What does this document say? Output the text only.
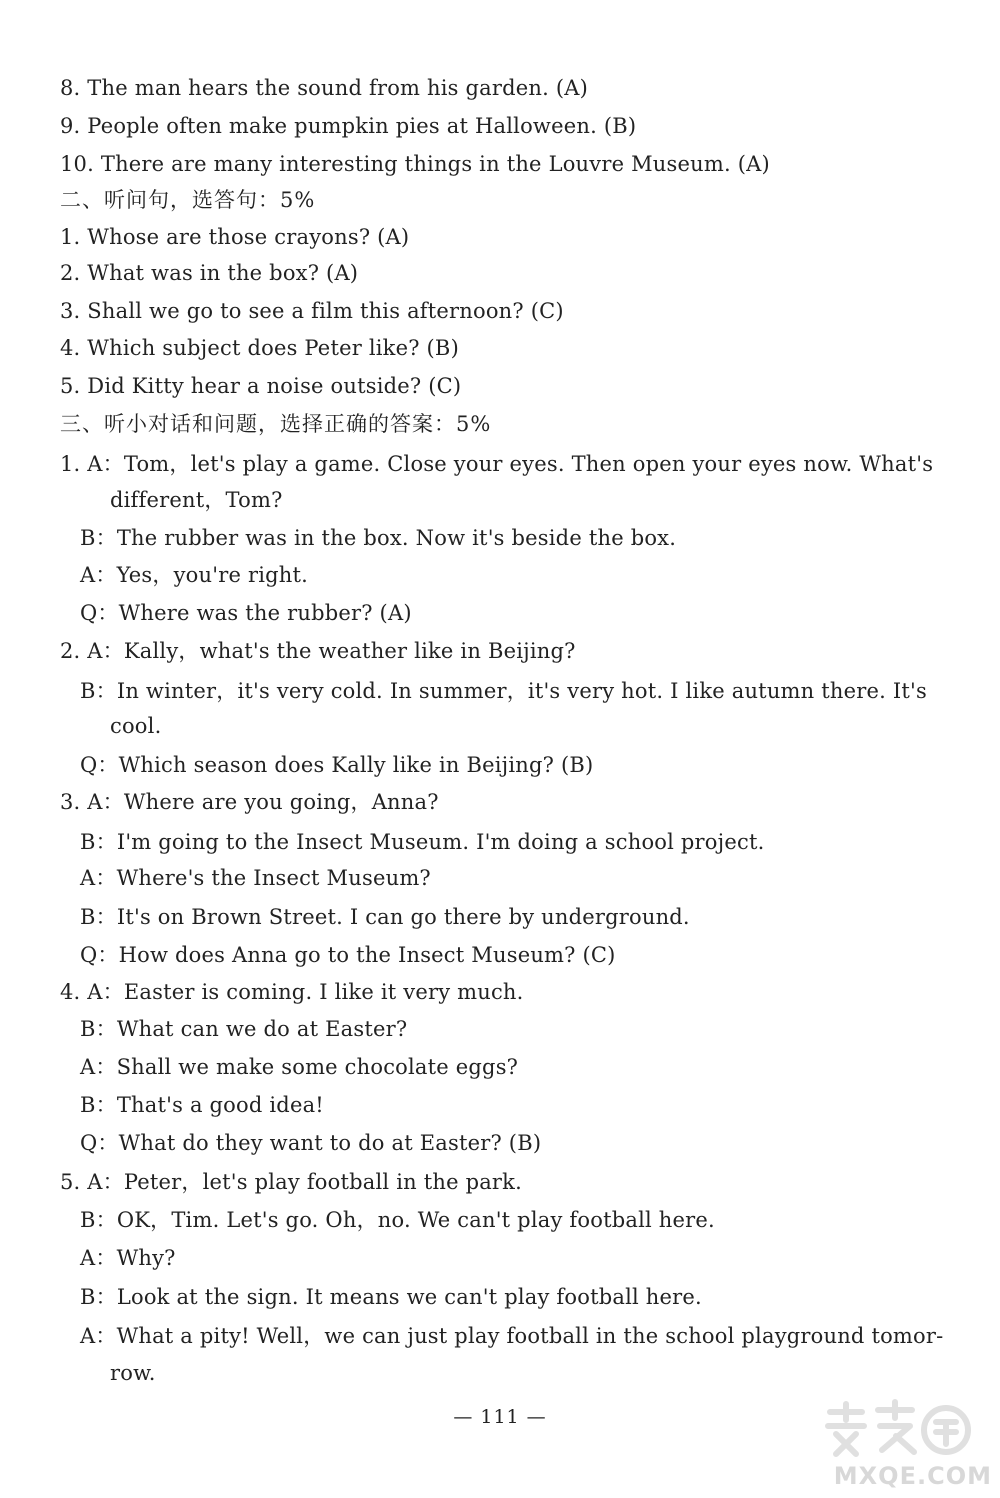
8. The man hears the sound from his garden. (A)
9. People often make pumpkin pies at Halloween. (B)
10. There are many interesting things in the Louvre Museum. (A)
二、听问句，选答句：5%
1. Whose are those crayons? (A)
2. What was in the box? (A)
3. Shall we go to see a film this afternoon? (C)
4. Which subject does Peter like? (B)
5. Did Kitty hear a noise outside? (C)
三、听小对话和问题，选择正确的答案：5%
1. A：Tom，let's play a game. Close your eyes. Then open your eyes now. What's
different，Tom?
B：The rubber was in the box. Now it's beside the box.
A：Yes，you're right.
Q：Where was the rubber? (A)
2. A：Kally，what's the weather like in Beijing?
B：In winter，it's very cold. In summer，it's very hot. I like autumn there. It's
cool.
Q：Which season does Kally like in Beijing? (B)
3. A：Where are you going，Anna?
B：I'm going to the Insect Museum. I'm doing a school project.
A：Where's the Insect Museum?
B：It's on Brown Street. I can go there by underground.
Q：How does Anna go to the Insect Museum? (C)
4. A：Easter is coming. I like it very much.
B：What can we do at Easter?
A：Shall we make some chocolate eggs?
B：That's a good idea!
Q：What do they want to do at Easter? (B)
5. A：Peter，let's play football in the park.
B：OK，Tim. Let's go. Oh，no. We can't play football here.
A：Why?
B：Look at the sign. It means we can't play football here.
A：What a pity! Well，we can just play football in the school playground tomor-
row.
— 111 —
MXQE.COM
